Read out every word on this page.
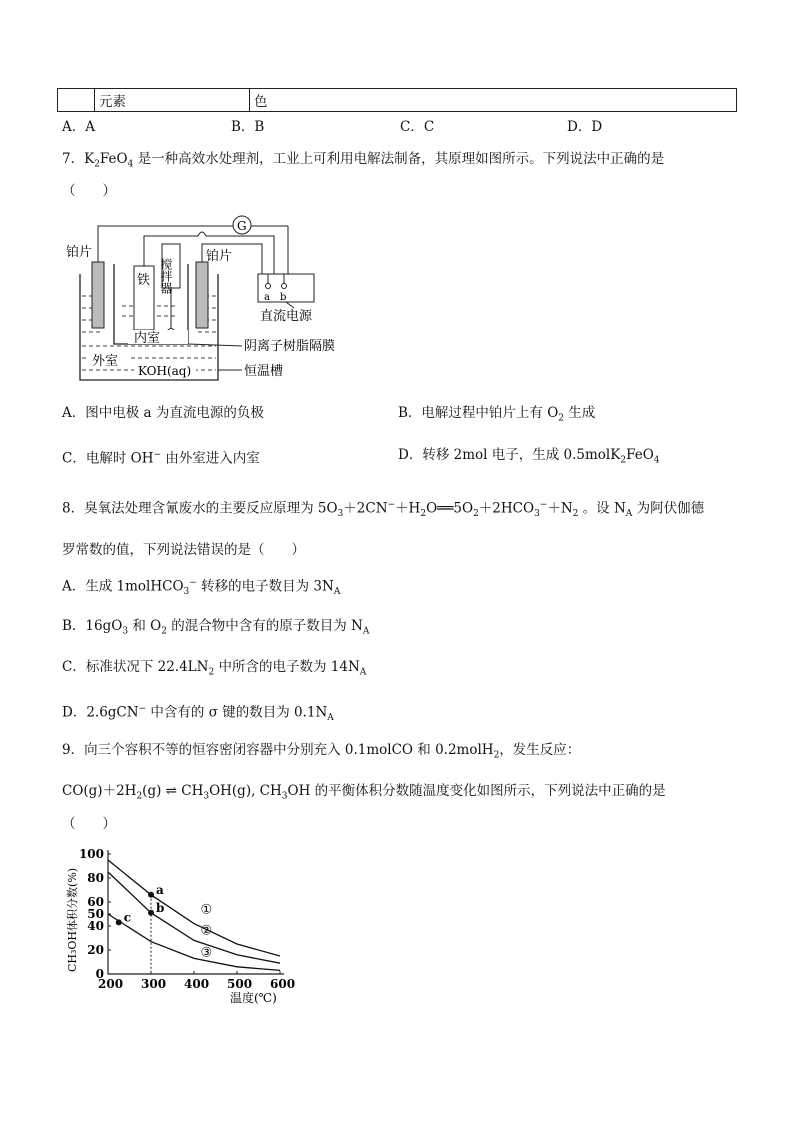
	元素	色
A．A	B．B	C．C	D．D
7．$K_2FeO_4$ 是一种高效水处理剂，工业上可利用电解法制备，其原理如图所示。下列说法中正确的是
（　　）
G
a b
直流电源
铂片	铂片
铁 搅拌器
内室
外室
KOH(aq)
阴离子树脂隔膜
恒温槽
A．图中电极 a 为直流电源的负极	B．电解过程中铂片上有 $O_2$ 生成
C．电解时 OH− 由外室进入内室	D．转移 2mol 电子，生成 0.5molK$_2$FeO$_4$
8．臭氧法处理含氰废水的主要反应原理为 $5O_3+2CN^-+H_2O══5O_2+2HCO_3^-+N_2$ 。设 $N_A$ 为阿伏伽德
罗常数的值，下列说法错误的是（　　）
A．生成 1molHCO$_3$− 转移的电子数目为 $3N_A$
B．$16gO_3$ 和 $O_2$ 的混合物中含有的原子数目为 $N_A$
C．标准状况下 $22.4LN_2$ 中所含的电子数为 $14N_A$
D．2.6gCN− 中含有的 σ 键的数目为 $0.1N_A$
9．向三个容积不等的恒容密闭容器中分别充入 0.1molCO 和 0.2molH$_2$，发生反应：
$CO(g)+2H_2(g)$ ⇌ $CH_3OH(g)$, $CH_3OH$ 的平衡体积分数随温度变化如图所示，下列说法中正确的是
（　　）
200 300 400 500 600
0
20
40
50
60
80
100
①
②
③
a
b
c
温度(℃)
CH₃OH体积分数(%)
